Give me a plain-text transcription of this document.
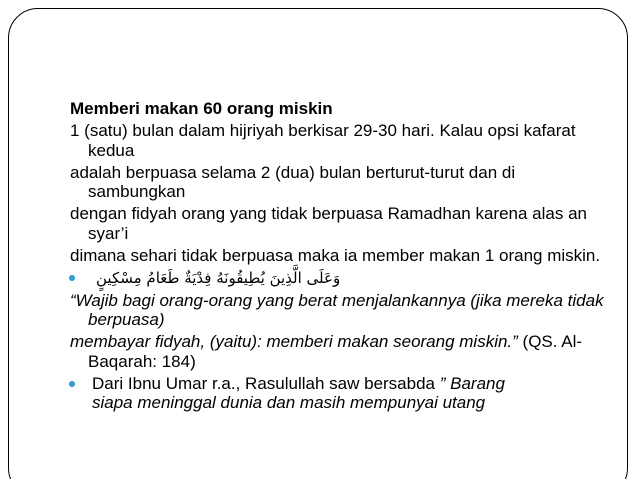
Memberi makan 60 orang miskin

1 (satu) bulan dalam hijriyah berkisar 29-30 hari. Kalau opsi kafarat kedua

adalah berpuasa selama 2 (dua) bulan berturut-turut dan di sambungkan

dengan fidyah orang yang tidak berpuasa Ramadhan karena alas an syar’i

dimana sehari tidak berpuasa maka ia member makan 1 orang miskin.

وَعَلَى الَّذِينَ يُطِيقُونَهُ فِدْيَةٌ طَعَامُ مِسْكِينٍ

“Wajib bagi orang-orang yang berat menjalankannya (jika mereka tidak berpuasa)

membayar fidyah, (yaitu): memberi makan seorang miskin.” (QS. Al-Baqarah: 184)

Dari Ibnu Umar r.a., Rasulullah saw bersabda ” Barang
siapa meninggal dunia dan masih mempunyai utang
